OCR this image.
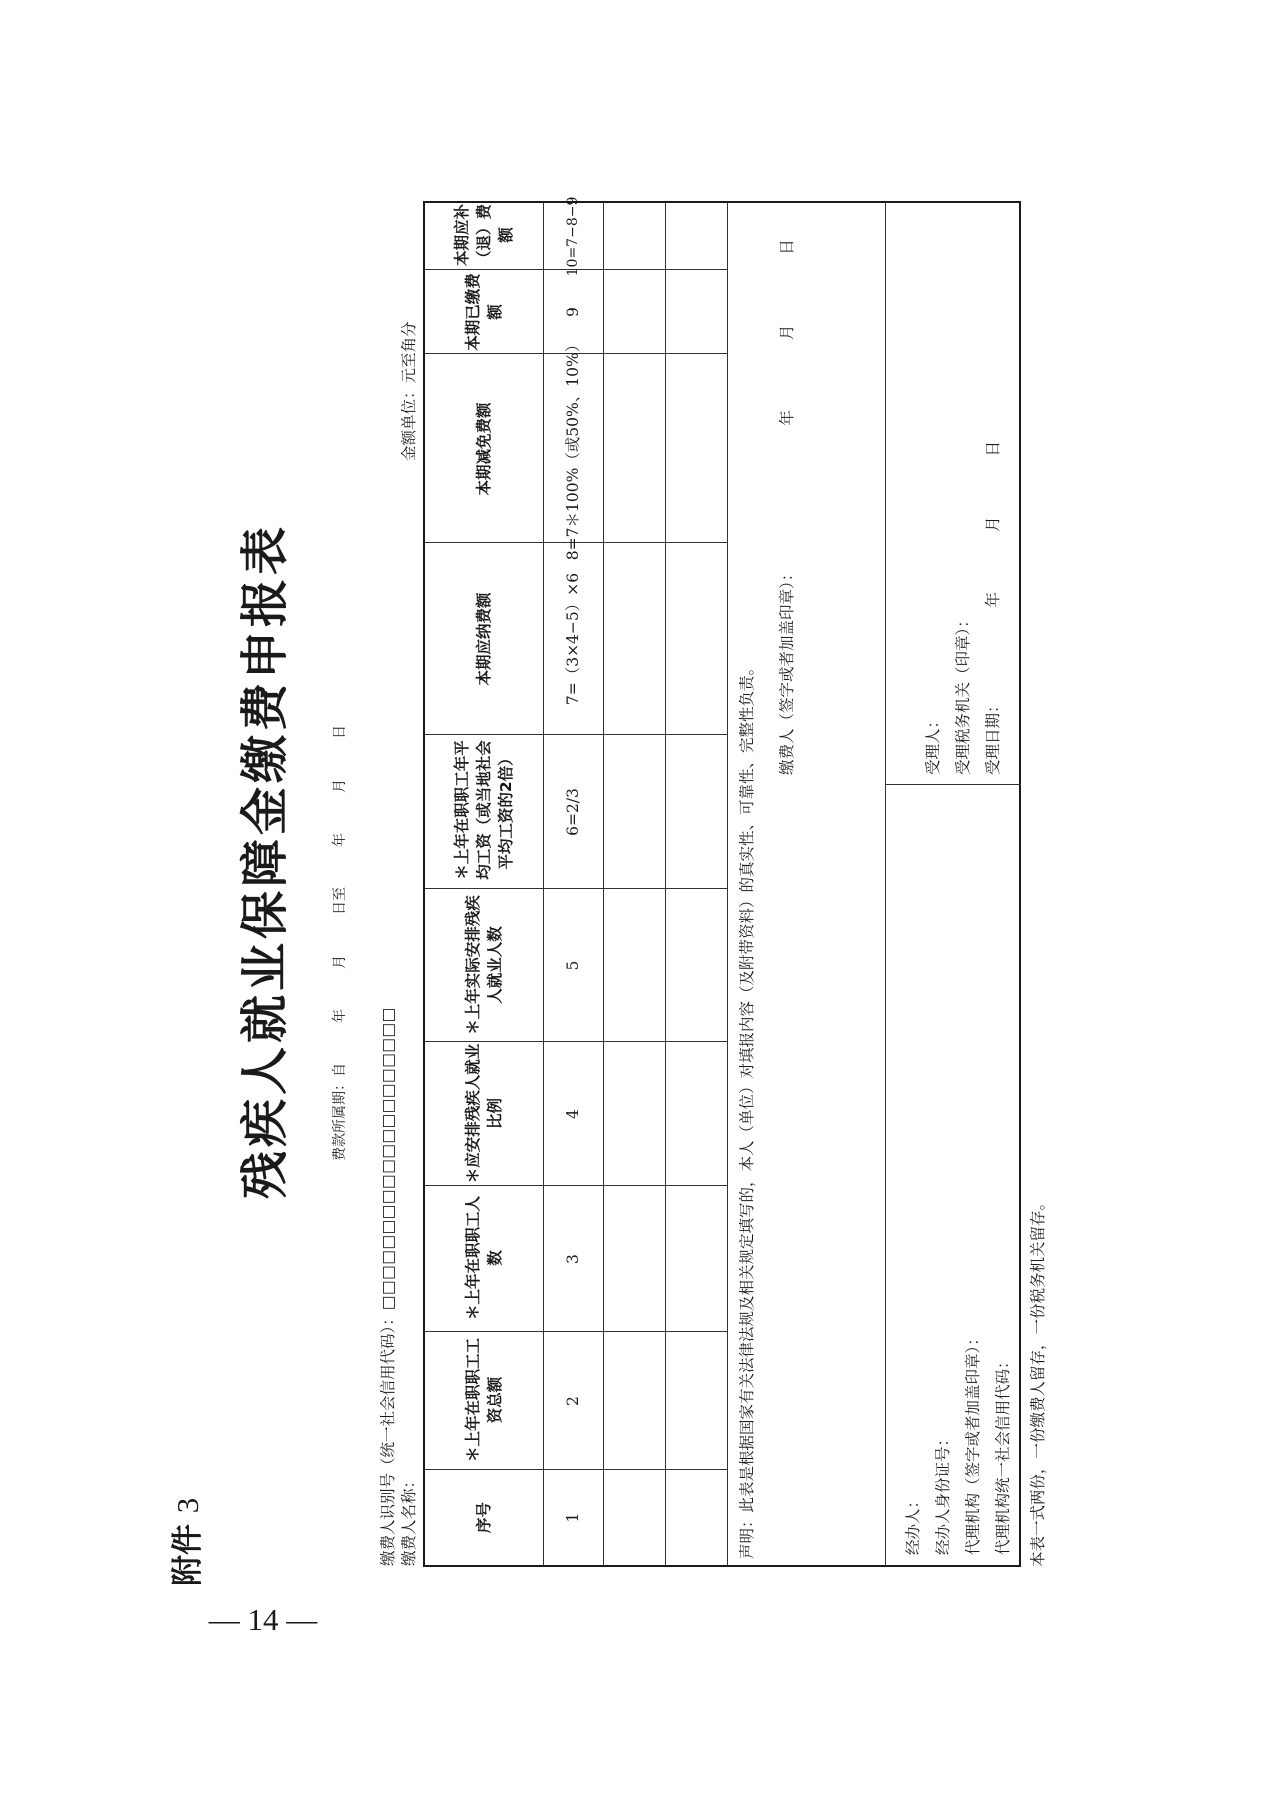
— 14 —
附件 3
残疾人就业保障金缴费申报表	费款所属期：自年月日至年月日
缴费人识别号（统一社会信用代码）：□□□□□□□□□□□□□□□□□□□□
缴费人名称：
金额单位：元至角分
序号
＊上年在职职工工资总额
＊上年在职职工人数
＊应安排残疾人就业比例
＊上年实际安排残疾人就业人数
＊上年在职职工年平均工资（或当地社会平均工资的2倍）
本期应纳费额
本期减免费额
本期已缴费额
本期应补（退）费额
1
2
3
4
5
6=2/3
7=（3×4−5）×6
8=7＊100%（或50%、10%）
9
10=7−8−9
声明：此表是根据国家有关法律法规及相关规定填写的，本人（单位）对填报内容（及附带资料）的真实性、可靠性、完整性负责。 缴费人（签字或者加盖印章）：年月日
经办人： 经办人身份证号： 代理机构（签字或者加盖印章）： 代理机构统一社会信用代码：
受理人： 受理税务机关（印章）： 受理日期：年月日
本表一式两份，一份缴费人留存，一份税务机关留存。
